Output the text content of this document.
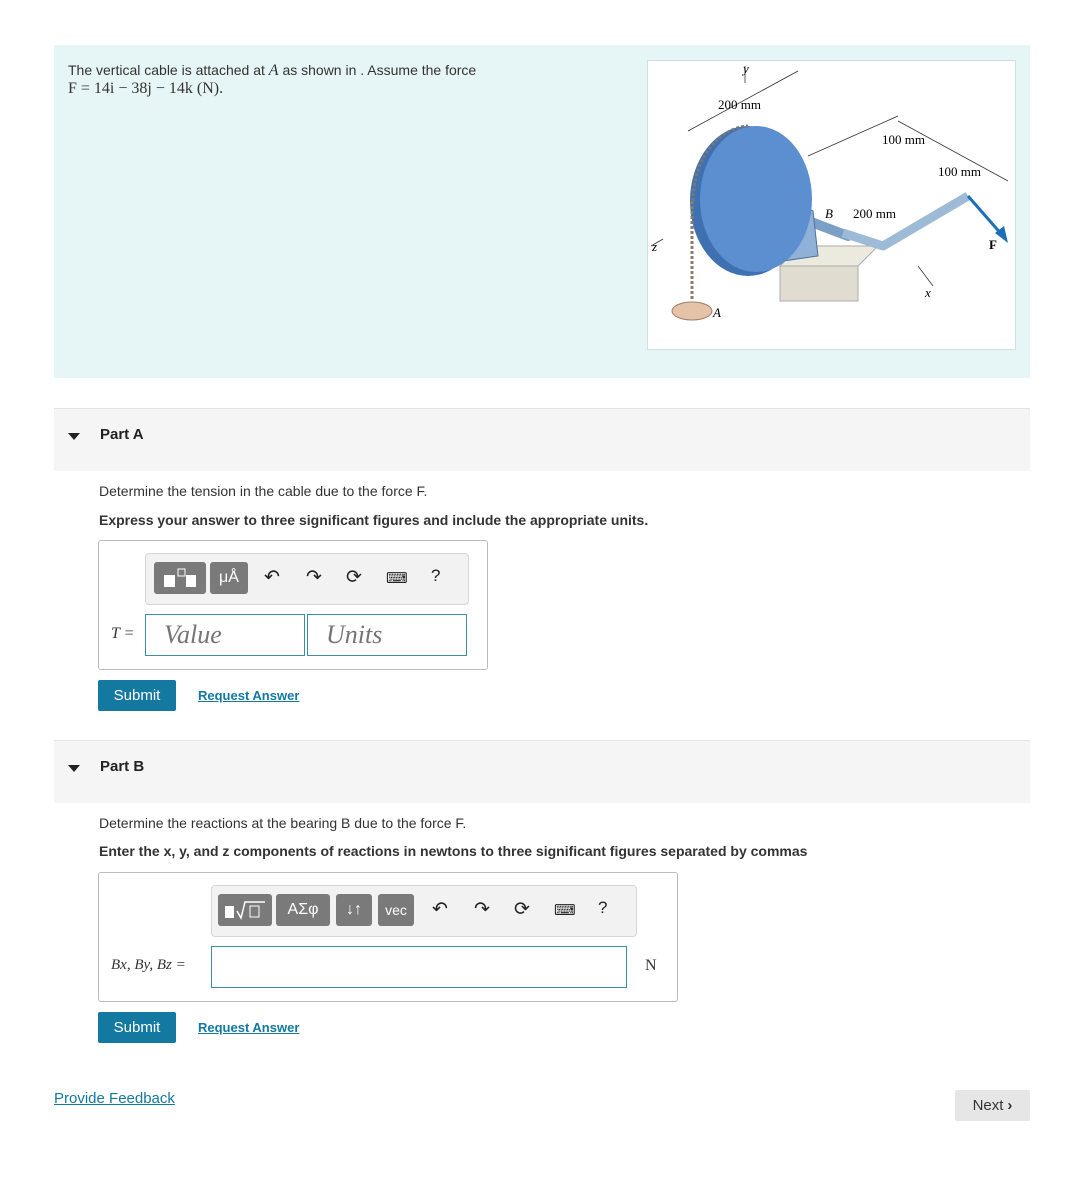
The vertical cable is attached at A as shown in . Assume the force
F = 14i − 38j − 14k (N).
y
200 mm
100 mm
100 mm
200 mm
B
F
z
x
A
Part A
Determine the tension in the cable due to the force F.
Express your answer to three significant figures and include the appropriate units.
μÅ	↶ ↷ ⟳ ⌨ ?
T =
Value
Units
Submit	Request Answer
Part B
Determine the reactions at the bearing B due to the force F.
Enter the x, y, and z components of reactions in newtons to three significant figures separated by commas
ΑΣφ	↓↑	vec	↶ ↷ ⟳ ⌨ ?
Bx, By, Bz =	N
Submit	Request Answer
Provide Feedback	Next ›
